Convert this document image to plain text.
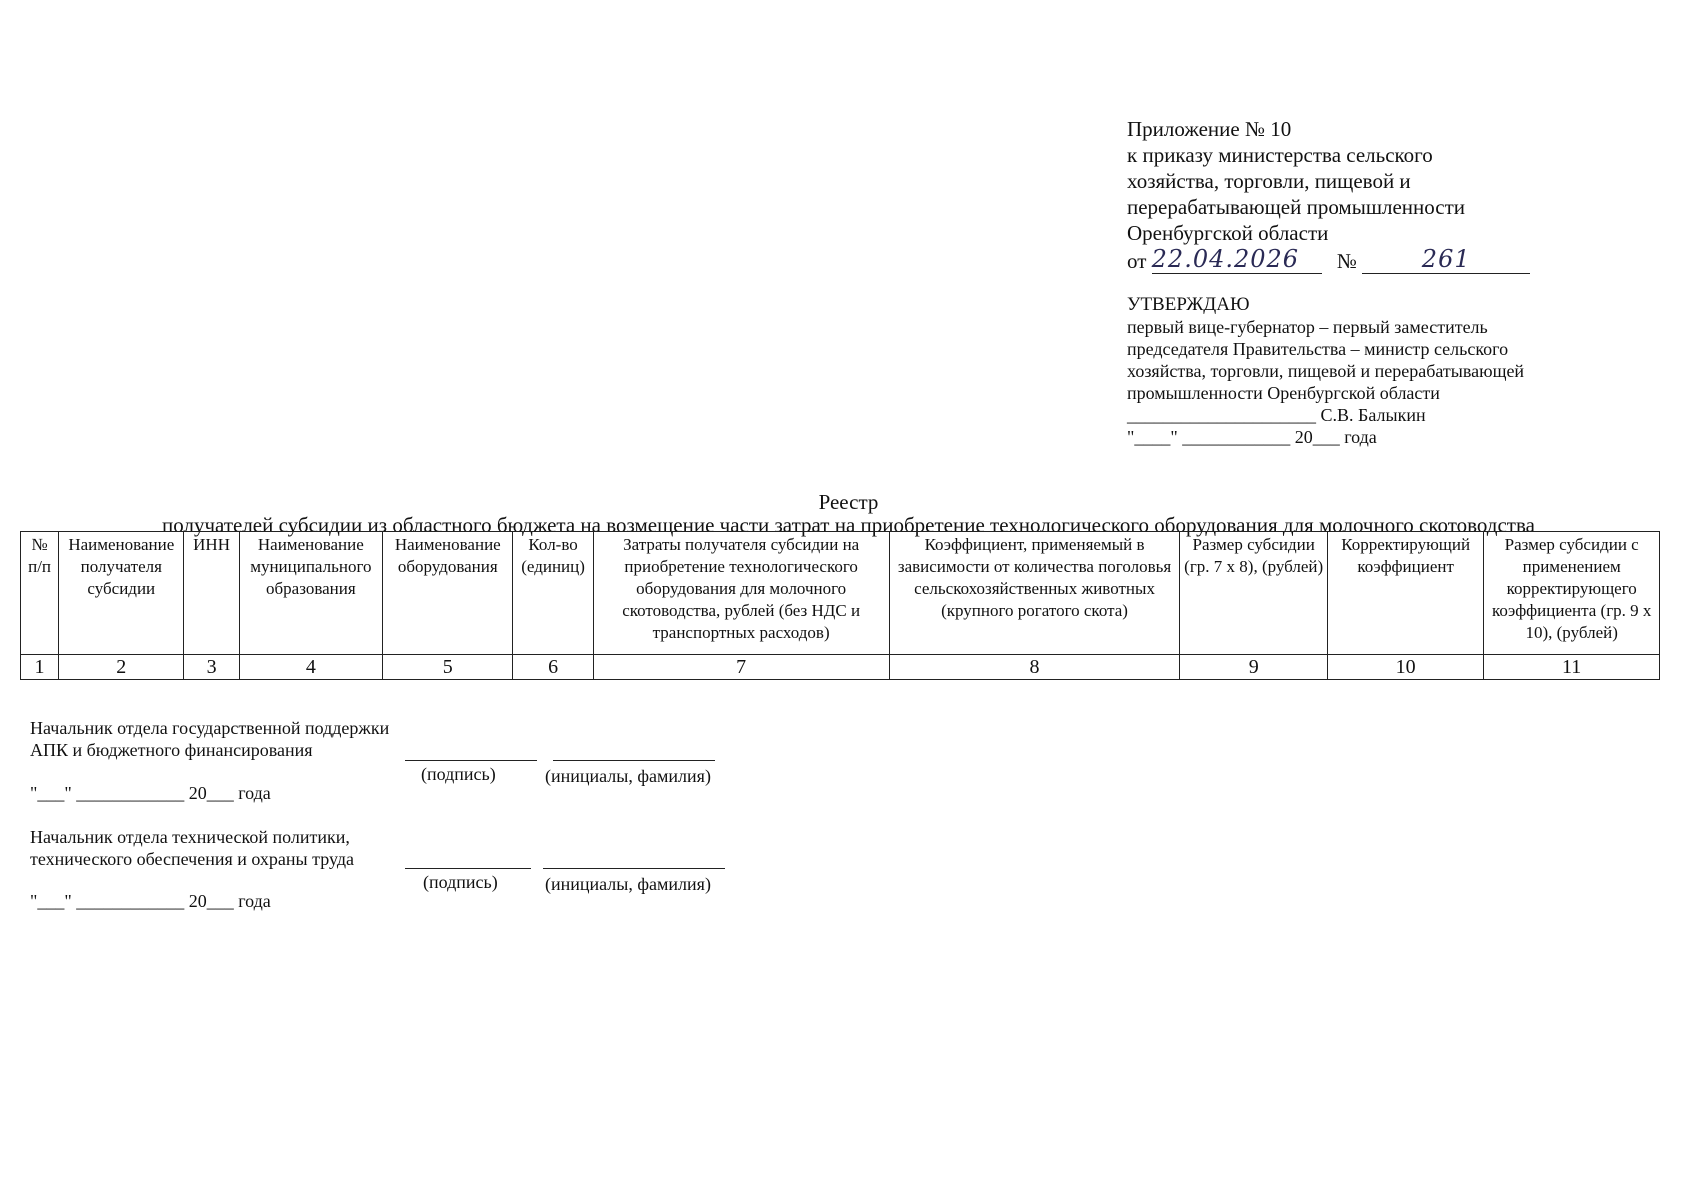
Приложение № 10
к приказу министерства сельского
хозяйства, торговли, пищевой и
перерабатывающей промышленности
Оренбургской области
от 22.04.2026 №	261
УТВЕРЖДАЮ
первый вице-губернатор – первый заместитель
председателя Правительства – министр сельского
хозяйства, торговли, пищевой и перерабатывающей
промышленности Оренбургской области
_____________________ С.В. Балыкин
"____" ____________ 20___ года
Реестр
получателей субсидии из областного бюджета на возмещение части затрат на приобретение технологического оборудования для молочного скотоводства
№ п/п	Наименование получателя субсидии	ИНН	Наименование муниципального образования	Наименование оборудования	Кол-во (единиц)	Затраты получателя субсидии на приобретение технологического оборудования для молочного скотоводства, рублей (без НДС и транспортных расходов)	Коэффициент, применяемый в зависимости от количества поголовья сельскохозяйственных животных (крупного рогатого скота)	Размер субсидии (гр. 7 х 8), (рублей)	Корректирующий коэффициент	Размер субсидии с применением корректирующего коэффициента (гр. 9 х 10), (рублей)
1	2	3	4	5	6	7	8	9	10	11
Начальник отдела государственной поддержки
АПК и бюджетного финансирования
(подпись)	(инициалы, фамилия)
"___" ____________ 20___ года
Начальник отдела технической политики,
технического обеспечения и охраны труда
(подпись)	(инициалы, фамилия)
"___" ____________ 20___ года
